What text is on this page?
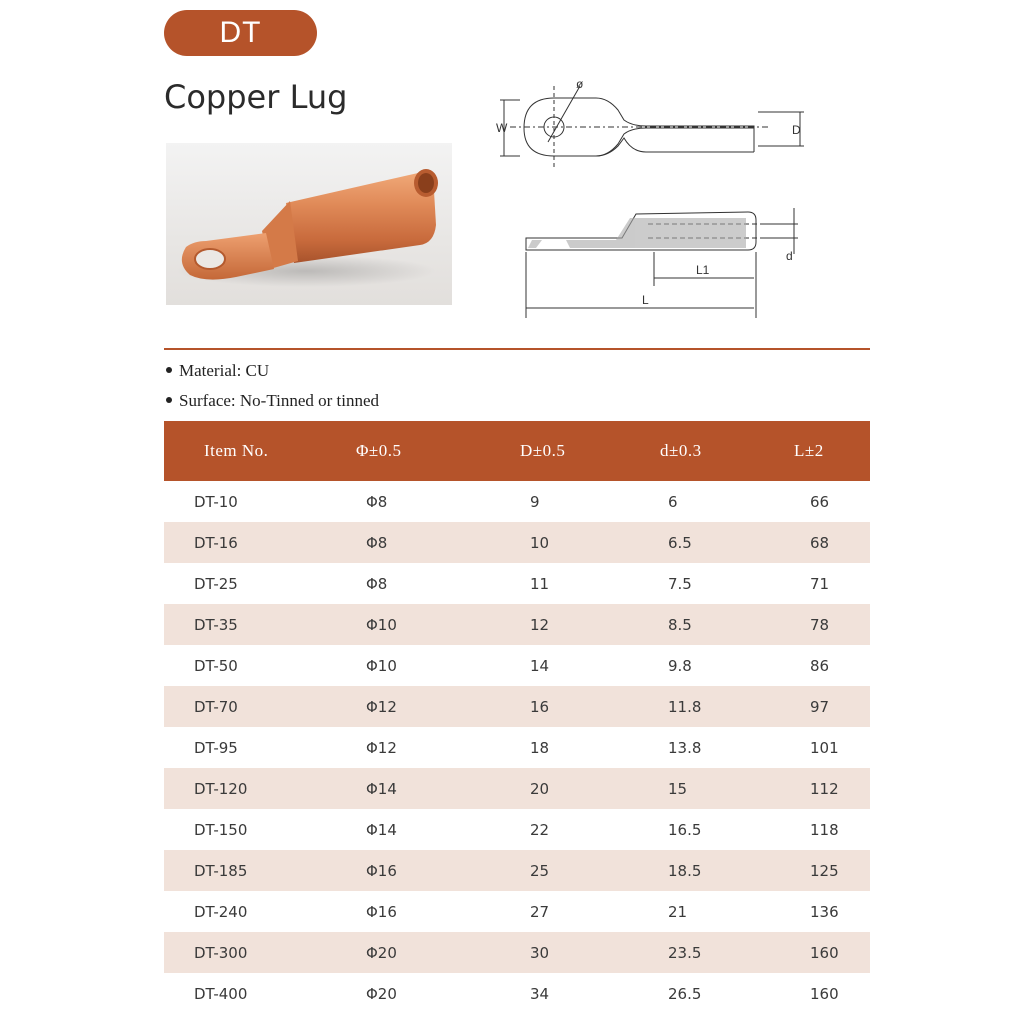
DT
Copper Lug
W	D
ø
d
L1
L
Material: CU
Surface: No-Tinned or tinned
Item No.	Φ±0.5	D±0.5	d±0.3	L±2
DT-10	Φ8	9	6	66
DT-16	Φ8	10	6.5	68
DT-25	Φ8	11	7.5	71
DT-35	Φ10	12	8.5	78
DT-50	Φ10	14	9.8	86
DT-70	Φ12	16	11.8	97
DT-95	Φ12	18	13.8	101
DT-120	Φ14	20	15	112
DT-150	Φ14	22	16.5	118
DT-185	Φ16	25	18.5	125
DT-240	Φ16	27	21	136
DT-300	Φ20	30	23.5	160
DT-400	Φ20	34	26.5	160
